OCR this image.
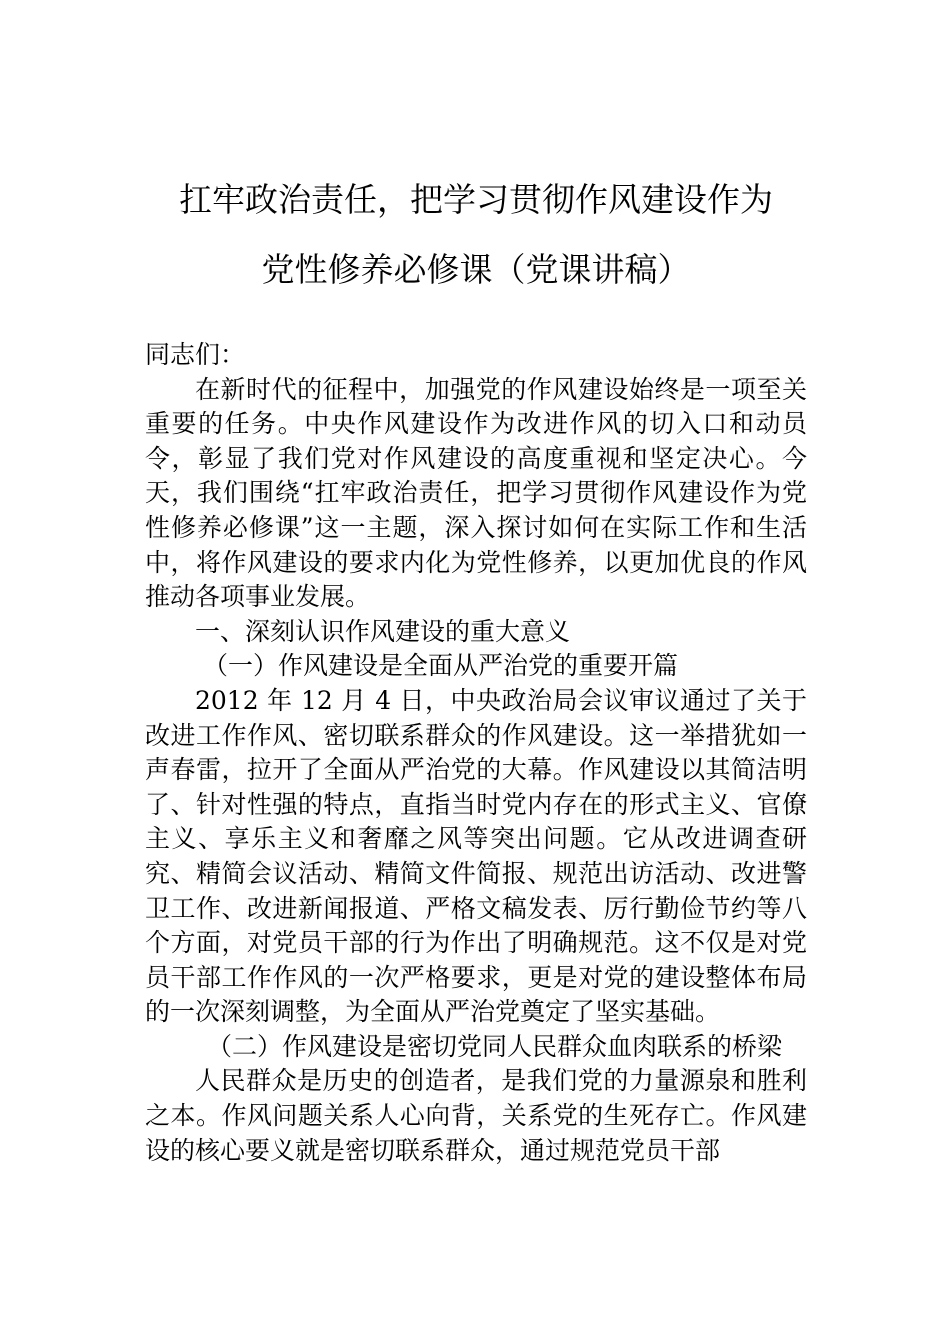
扛牢政治责任，把学习贯彻作风建设作为
党性修养必修课（党课讲稿）

同志们：

在新时代的征程中，加强党的作风建设始终是一项至关重要的任务。中央作风建设作为改进作风的切入口和动员令，彰显了我们党对作风建设的高度重视和坚定决心。今天，我们围绕“扛牢政治责任，把学习贯彻作风建设作为党性修养必修课”这一主题，深入探讨如何在实际工作和生活中，将作风建设的要求内化为党性修养，以更加优良的作风推动各项事业发展。

一、深刻认识作风建设的重大意义

（一）作风建设是全面从严治党的重要开篇

2012 年 12 月 4 日，中央政治局会议审议通过了关于改进工作作风、密切联系群众的作风建设。这一举措犹如一声春雷，拉开了全面从严治党的大幕。作风建设以其简洁明了、针对性强的特点，直指当时党内存在的形式主义、官僚主义、享乐主义和奢靡之风等突出问题。它从改进调查研究、精简会议活动、精简文件简报、规范出访活动、改进警卫工作、改进新闻报道、严格文稿发表、厉行勤俭节约等八个方面，对党员干部的行为作出了明确规范。这不仅是对党员干部工作作风的一次严格要求，更是对党的建设整体布局的一次深刻调整，为全面从严治党奠定了坚实基础。

（二）作风建设是密切党同人民群众血肉联系的桥梁

人民群众是历史的创造者，是我们党的力量源泉和胜利之本。作风问题关系人心向背，关系党的生死存亡。作风建设的核心要义就是密切联系群众，通过规范党员干部
